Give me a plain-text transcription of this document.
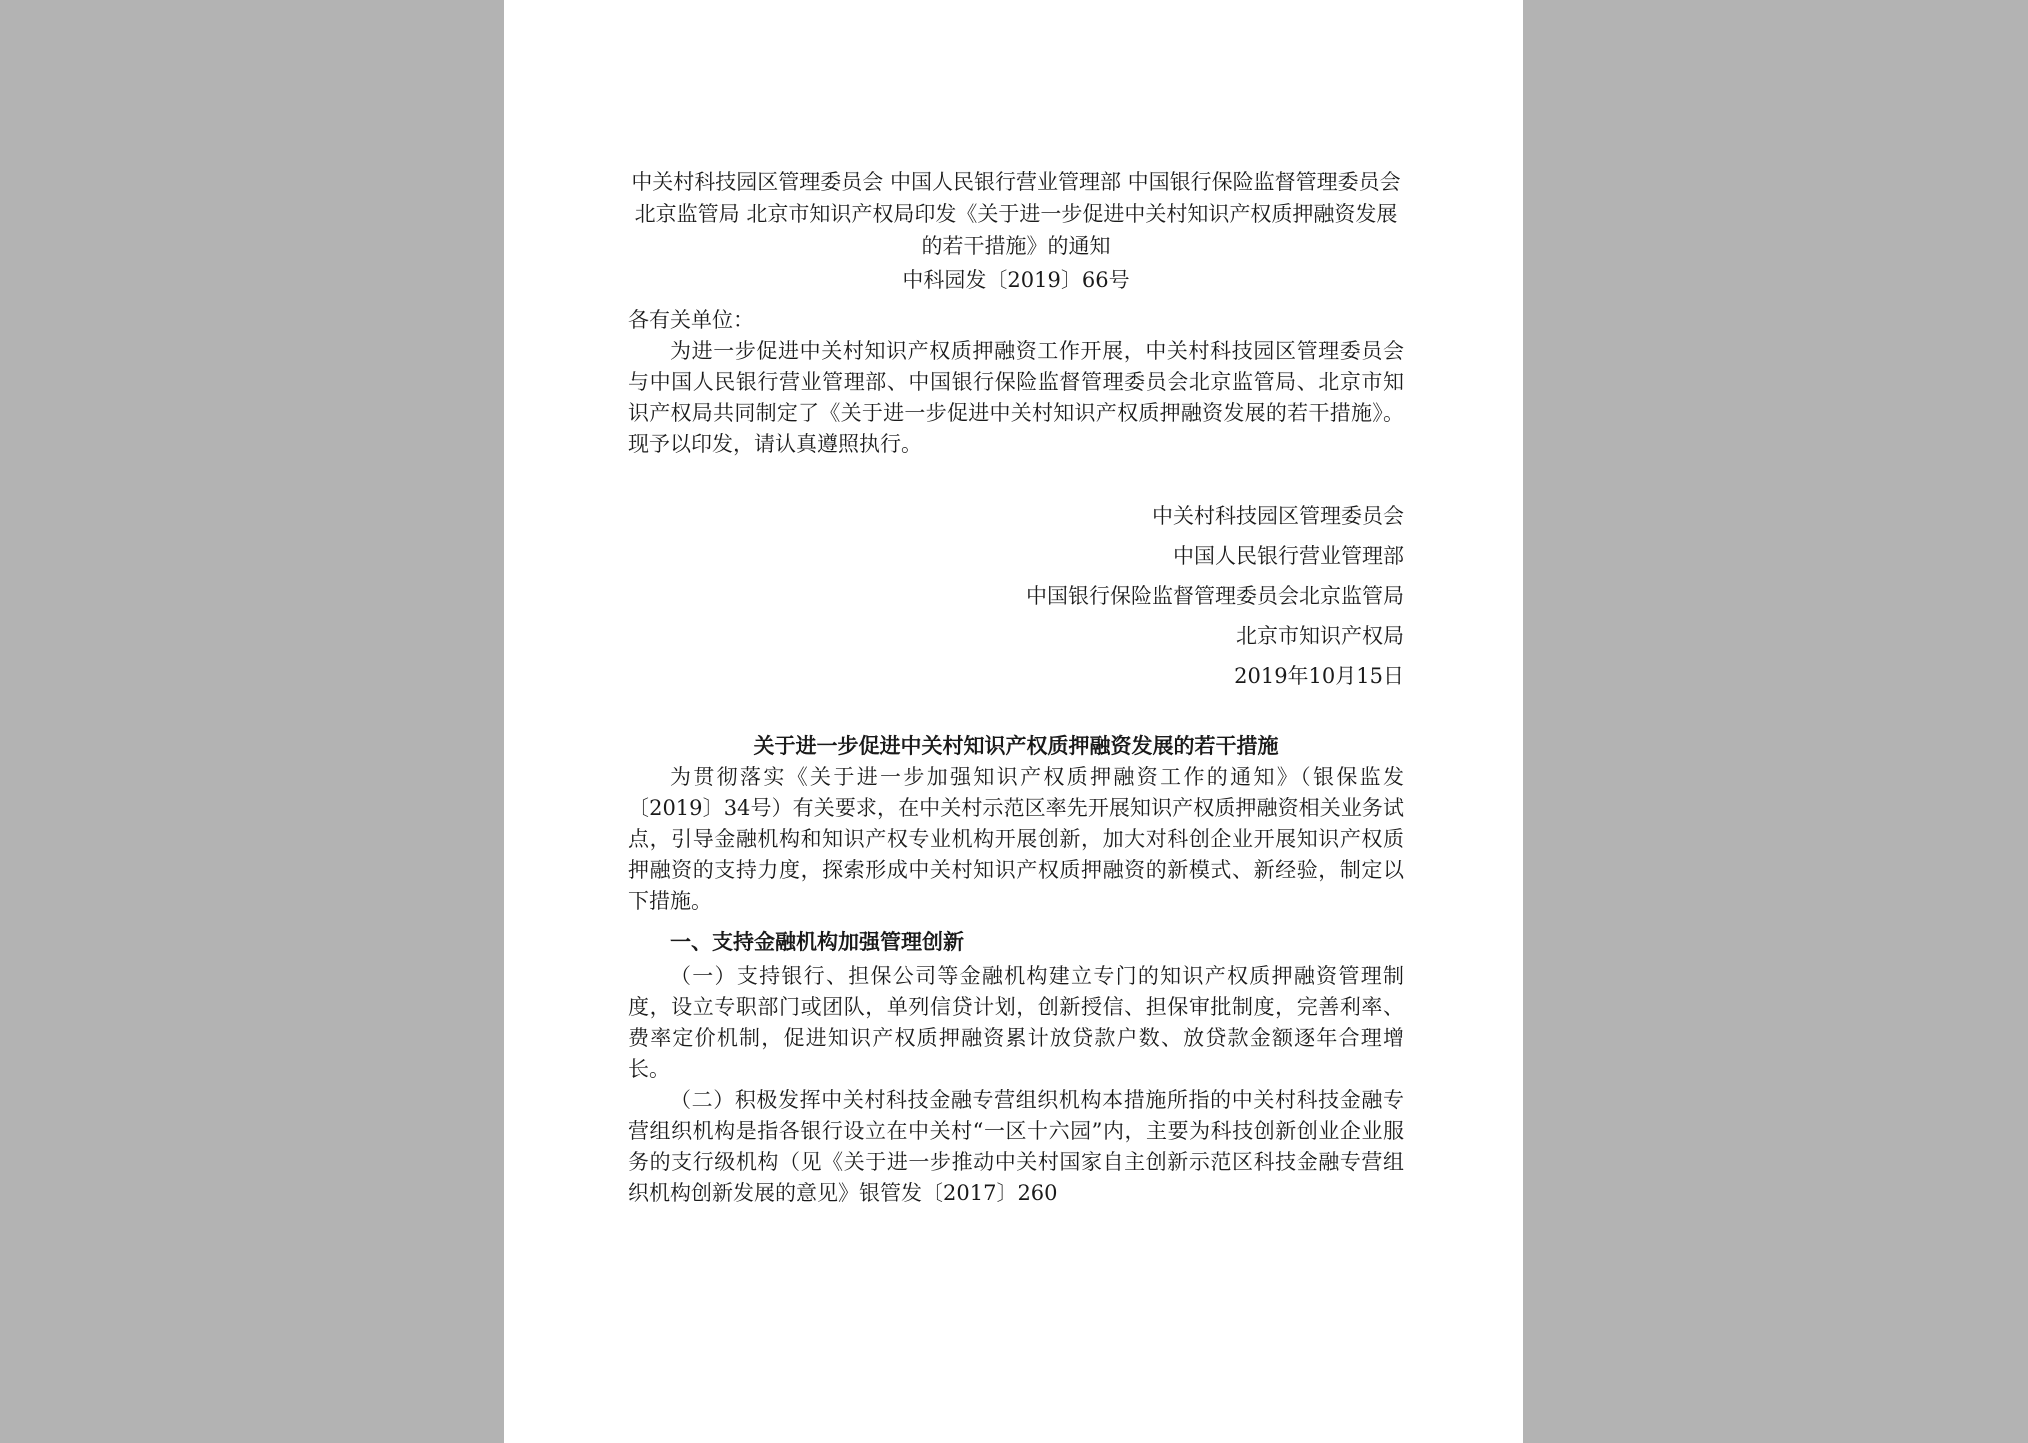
中关村科技园区管理委员会 中国人民银行营业管理部 中国银行保险监督管理委员会北京监管局 北京市知识产权局印发《关于进一步促进中关村知识产权质押融资发展的若干措施》的通知
中科园发〔2019〕66号
各有关单位：

为进一步促进中关村知识产权质押融资工作开展，中关村科技园区管理委员会与中国人民银行营业管理部、中国银行保险监督管理委员会北京监管局、北京市知识产权局共同制定了《关于进一步促进中关村知识产权质押融资发展的若干措施》。现予以印发，请认真遵照执行。

中关村科技园区管理委员会
中国人民银行营业管理部
中国银行保险监督管理委员会北京监管局
北京市知识产权局
2019年10月15日
关于进一步促进中关村知识产权质押融资发展的若干措施

为贯彻落实《关于进一步加强知识产权质押融资工作的通知》（银保监发〔2019〕34号）有关要求，在中关村示范区率先开展知识产权质押融资相关业务试点，引导金融机构和知识产权专业机构开展创新，加大对科创企业开展知识产权质押融资的支持力度，探索形成中关村知识产权质押融资的新模式、新经验，制定以下措施。

一、支持金融机构加强管理创新

（一）支持银行、担保公司等金融机构建立专门的知识产权质押融资管理制度，设立专职部门或团队，单列信贷计划，创新授信、担保审批制度，完善利率、费率定价机制，促进知识产权质押融资累计放贷款户数、放贷款金额逐年合理增长。

（二）积极发挥中关村科技金融专营组织机构本措施所指的中关村科技金融专营组织机构是指各银行设立在中关村“一区十六园”内，主要为科技创新创业企业服务的支行级机构（见《关于进一步推动中关村国家自主创新示范区科技金融专营组织机构创新发展的意见》银管发〔2017〕260
